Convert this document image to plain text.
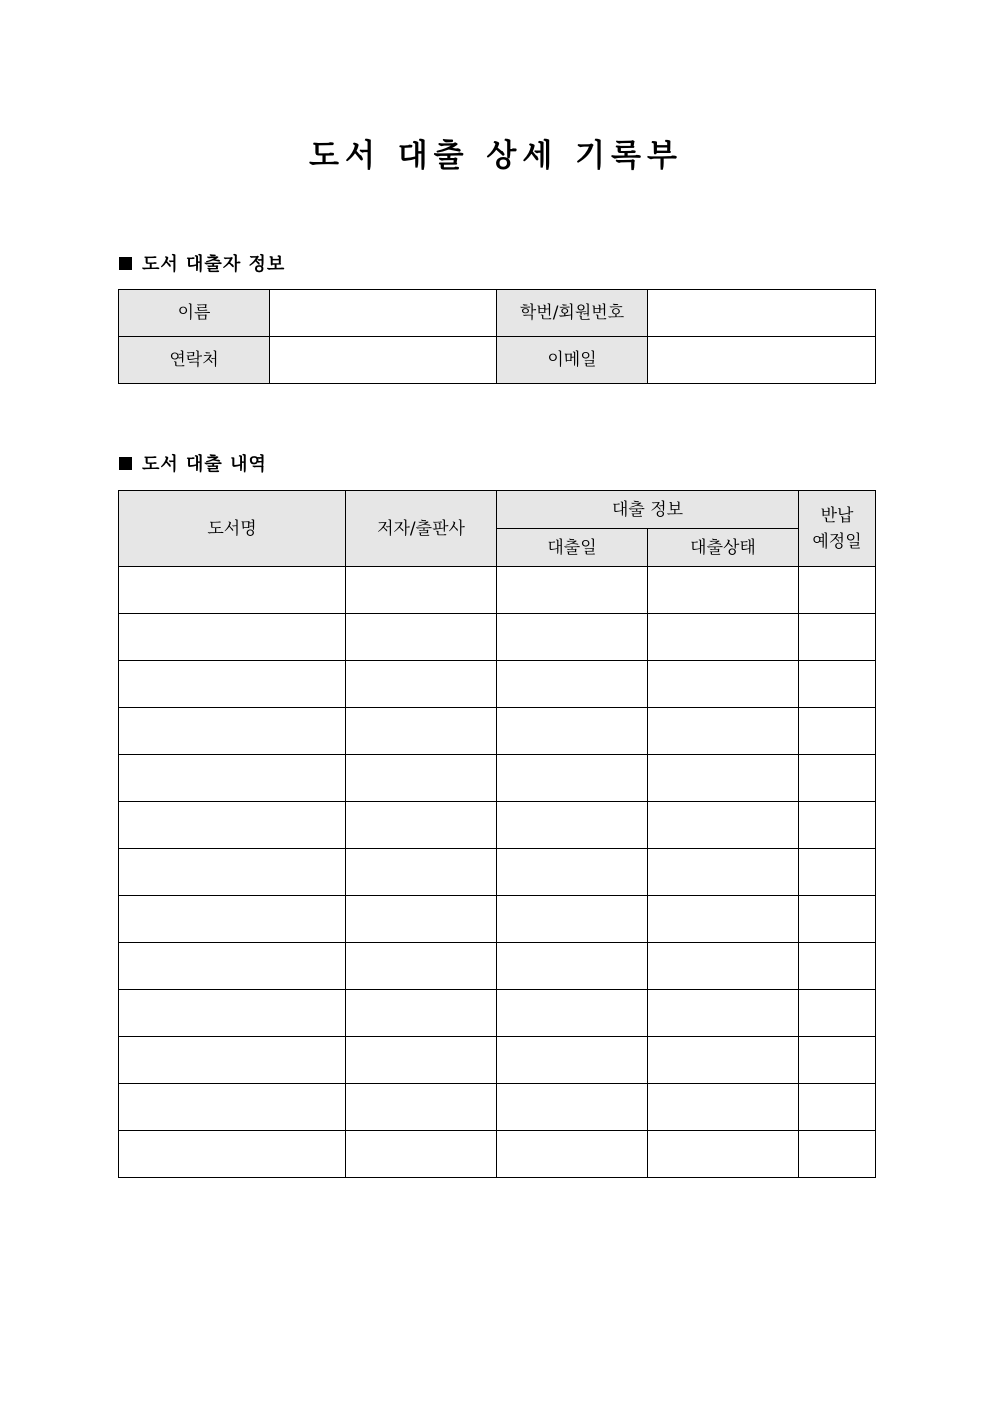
도서 대출 상세 기록부
도서 대출자 정보
이름		학번/회원번호	
연락처		이메일	
도서 대출 내역
도서명	저자/출판사	대출 정보		반납
예정일
		대출일	대출상태	
